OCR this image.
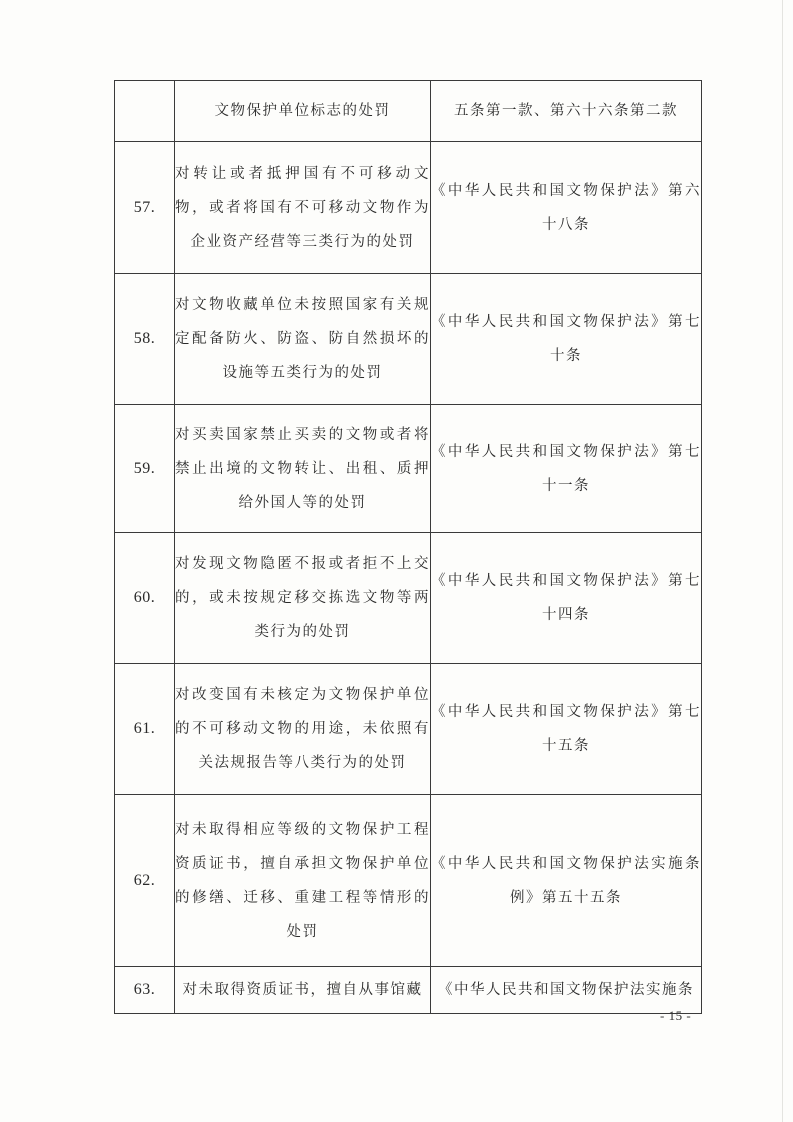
	文物保护单位标志的处罚	五条第一款、第六十六条第二款

57.	对转让或者抵押国有不可移动文物，或者将国有不可移动文物作为企业资产经营等三类行为的处罚	《中华人民共和国文物保护法》第六十八条

58.	对文物收藏单位未按照国家有关规定配备防火、防盗、防自然损坏的设施等五类行为的处罚	《中华人民共和国文物保护法》第七十条

59.	对买卖国家禁止买卖的文物或者将禁止出境的文物转让、出租、质押给外国人等的处罚	《中华人民共和国文物保护法》第七十一条

60.	对发现文物隐匿不报或者拒不上交的，或未按规定移交拣选文物等两类行为的处罚	《中华人民共和国文物保护法》第七十四条

61.	对改变国有未核定为文物保护单位的不可移动文物的用途，未依照有关法规报告等八类行为的处罚	《中华人民共和国文物保护法》第七十五条

62.	对未取得相应等级的文物保护工程资质证书，擅自承担文物保护单位的修缮、迁移、重建工程等情形的处罚	《中华人民共和国文物保护法实施条例》第五十五条

63.	对未取得资质证书，擅自从事馆藏	《中华人民共和国文物保护法实施条
- 15 -
